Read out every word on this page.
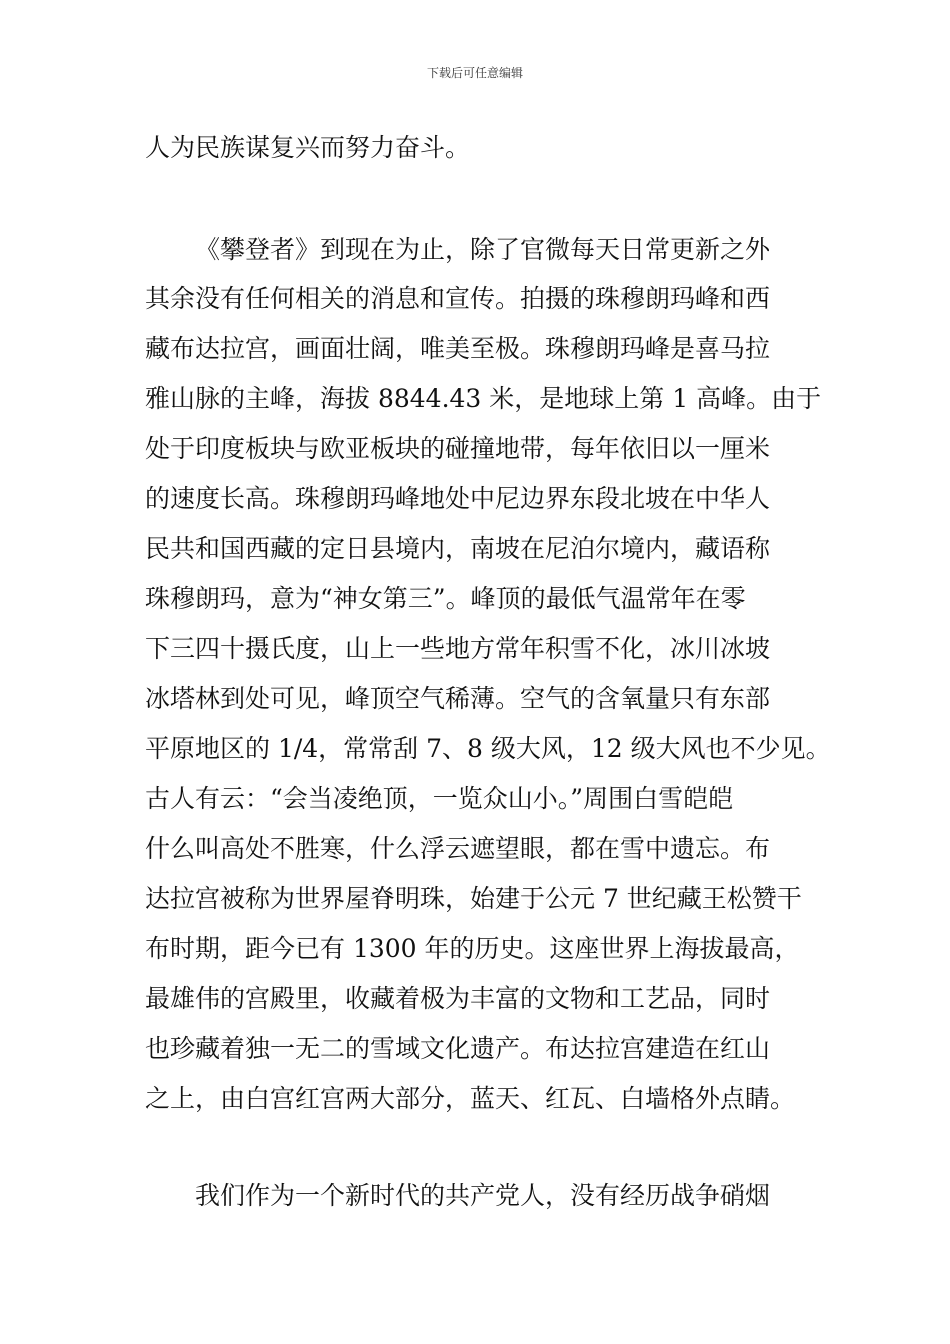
下载后可任意编辑
人为民族谋复兴而努力奋斗。
《攀登者》到现在为止，除了官微每天日常更新之外
其余没有任何相关的消息和宣传。拍摄的珠穆朗玛峰和西
藏布达拉宫，画面壮阔，唯美至极。珠穆朗玛峰是喜马拉
雅山脉的主峰，海拔 8844.43 米，是地球上第 1 高峰。由于
处于印度板块与欧亚板块的碰撞地带，每年依旧以一厘米
的速度长高。珠穆朗玛峰地处中尼边界东段北坡在中华人
民共和国西藏的定日县境内，南坡在尼泊尔境内，藏语称
珠穆朗玛，意为“神女第三”。峰顶的最低气温常年在零
下三四十摄氏度，山上一些地方常年积雪不化，冰川冰坡
冰塔林到处可见，峰顶空气稀薄。空气的含氧量只有东部
平原地区的 1/4，常常刮 7、8 级大风，12 级大风也不少见。
古人有云：“会当凌绝顶，一览众山小。”周围白雪皑皑
什么叫高处不胜寒，什么浮云遮望眼，都在雪中遗忘。布
达拉宫被称为世界屋脊明珠，始建于公元 7 世纪藏王松赞干
布时期，距今已有 1300 年的历史。这座世界上海拔最高，
最雄伟的宫殿里，收藏着极为丰富的文物和工艺品，同时
也珍藏着独一无二的雪域文化遗产。布达拉宫建造在红山
之上，由白宫红宫两大部分，蓝天、红瓦、白墙格外点睛。
我们作为一个新时代的共产党人，没有经历战争硝烟
